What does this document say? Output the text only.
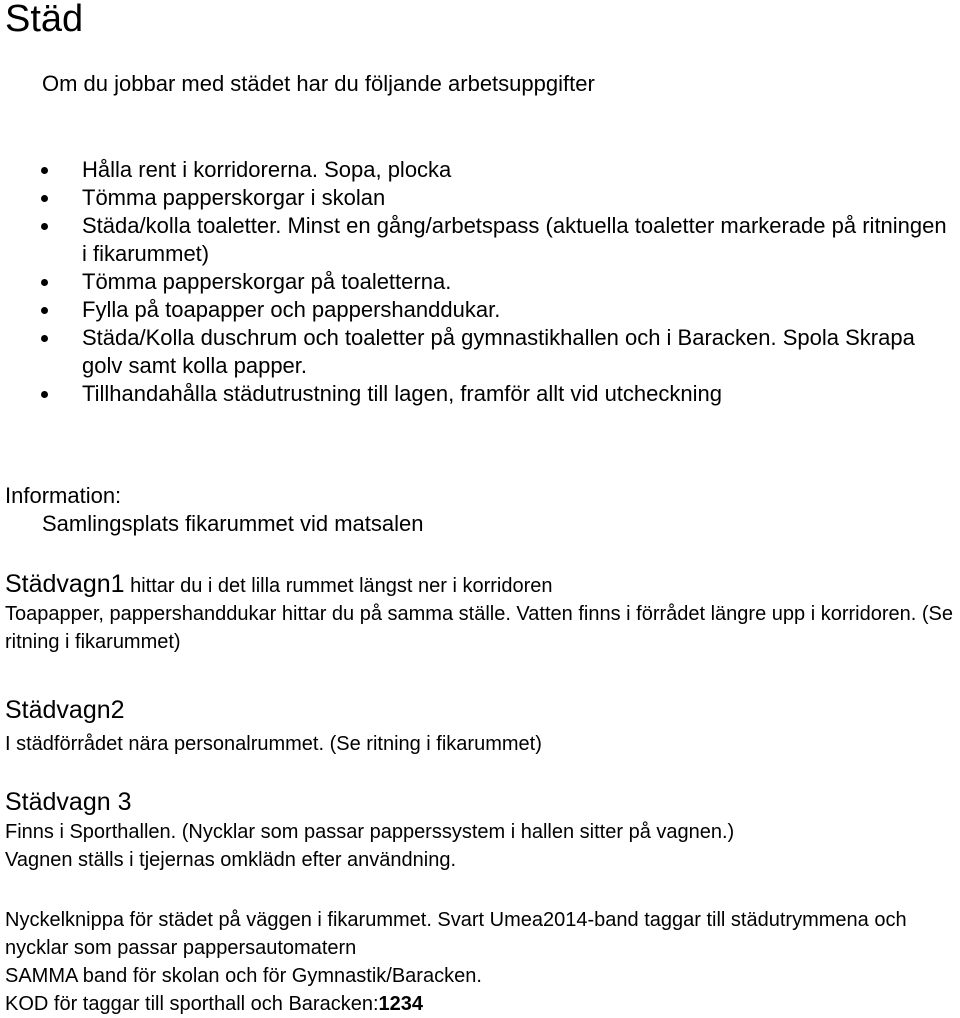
Städ

Om du jobbar med städet har du följande arbetsuppgifter

Hålla rent i korridorerna. Sopa, plocka
Tömma papperskorgar i skolan
Städa/kolla toaletter. Minst en gång/arbetspass (aktuella toaletter markerade på ritningen i fikarummet)
Tömma papperskorgar på toaletterna.
Fylla på toapapper och pappershanddukar.
Städa/Kolla duschrum och toaletter på gymnastikhallen och i Baracken. Spola Skrapa golv samt kolla papper.
Tillhandahålla städutrustning till lagen, framför allt vid utcheckning

Information:

Samlingsplats fikarummet vid matsalen

Städvagn1 hittar du i det lilla rummet längst ner i korridoren

Toapapper, pappershanddukar hittar du på samma ställe. Vatten finns i förrådet längre upp i korridoren. (Se ritning i fikarummet)

Städvagn2

I städförrådet nära personalrummet. (Se ritning i fikarummet)

Städvagn 3

Finns i Sporthallen. (Nycklar som passar papperssystem i hallen sitter på vagnen.)
Vagnen ställs i tjejernas omklädn efter användning.
Nyckelknippa för städet på väggen i fikarummet. Svart Umea2014-band taggar till städutrymmena och nycklar som passar pappersautomatern
SAMMA band för skolan och för Gymnastik/Baracken.
KOD för taggar till sporthall och Baracken:1234
